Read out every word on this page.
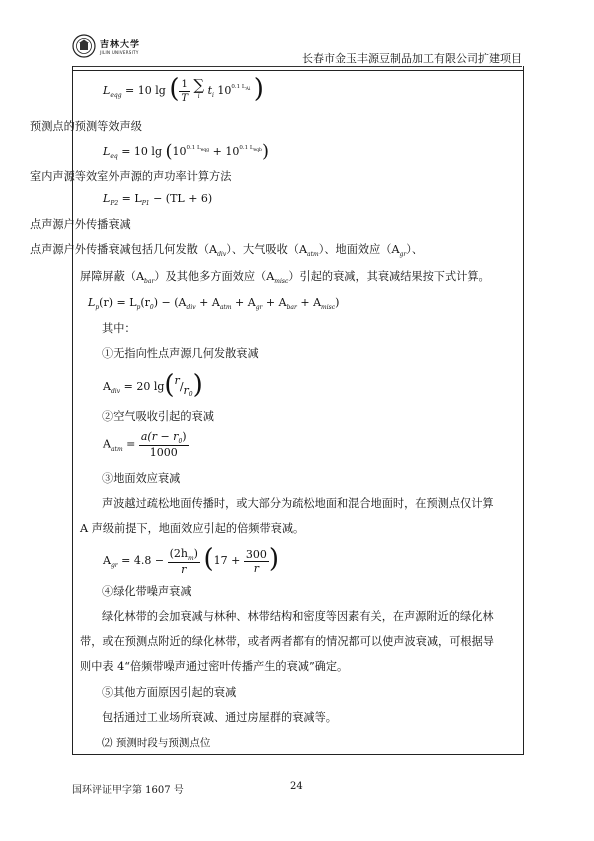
吉林大学
JILIN UNIVERSITY	长春市金玉丰源豆制品加工有限公司扩建项目
$L_{eqg} = 10$ lg ( $\frac{1}{T}$
∑
i $t_i$ $10^{0.1 LAi}$ )
预测点的预测等效声级
$L_{eq} = 10$ $\lg (10^{0.1 Leqg} + 10^{0.1 Leqb})$
室内声源等效室外声源的声功率计算方法
$L_{P2} = L_{P1} - (TL + 6)$
点声源户外传播衰减
点声源户外传播衰减包括几何发散$(A_{div})$、大气吸收$(A_{atm})$、地面效应$(A_{gr})$、
屏障屏蔽$(A_{bar})$及其他多方面效应$(A_{misc})$引起的衰减，其衰减结果按下式计算。
$L_p(r) = L_p(r_0) - (A_{div} + A_{atm} + A_{gr} + A_{bar} + A_{misc})$
其中：
①无指向性点声源几何发散衰减
$A_{div} = 20$ $\lg(r/r_0)$
②空气吸收引起的衰减
$A_{atm} = \frac{a(r - r_0)}{1000}$
③地面效应衰减
声波越过疏松地面传播时，或大部分为疏松地面和混合地面时，在预测点仅计算
A 声级前提下，地面效应引起的倍频带衰减。
$A_{gr} = 4.8 - \frac{(2h_m)}{r} (17 + \frac{300}{r}$ )
④绿化带噪声衰减
绿化林带的会加衰减与林种、林带结构和密度等因素有关，在声源附近的绿化林
带，或在预测点附近的绿化林带，或者两者都有的情况都可以使声波衰减，可根据导
则中表 4“倍频带噪声通过密叶传播产生的衰减”确定。
⑤其他方面原因引起的衰减
包括通过工业场所衰减、通过房屋群的衰减等。
⑵ 预测时段与预测点位
国环评证甲字第 1607 号	24
